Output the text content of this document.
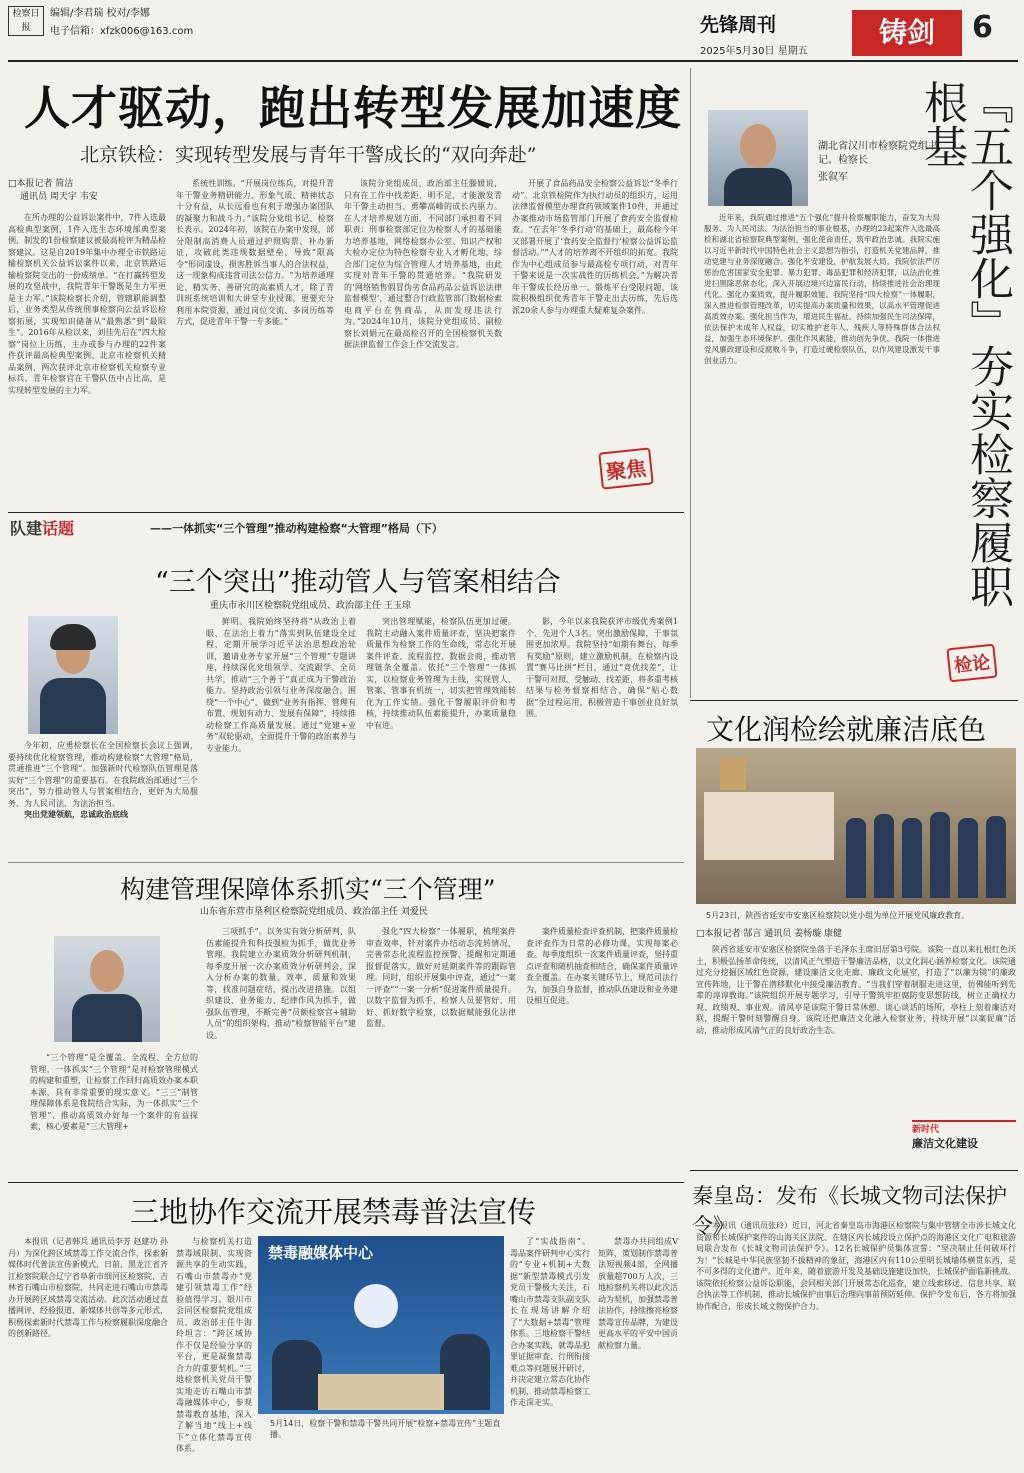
检察日报
编辑/李君瑞 校对/李娜
电子信箱：xfzk006@163.com	先锋周刊
2025年5月30日 星期五
铸剑	6
人才驱动，跑出转型发展加速度
北京铁检：实现转型发展与青年干警成长的“双向奔赴”
□本报记者 简洁
通讯员 周天宇 韦安

在所办理的公益诉讼案件中，7件入选最高检典型案例，1件入选生态环境部典型案例，制发的1份检察建议被最高检评为精品检察建议。这是自2019年集中办理全市铁路运输检察机关公益诉讼案件以来，北京铁路运输检察院交出的一份成绩单。“在打赢转型发展的攻坚战中，我院青年干警既是生力军更是主力军。”该院检察长介绍，管辖职能调整后，业务类型从传统刑事检察向公益诉讼检察拓展，实现知识储备从“最熟悉”到“最陌生”。2016年从检以来，刘佳先后在“四大检察”岗位上历练，主办或参与办理的22件案件获评最高检典型案例、北京市检察机关精品案例，两次获评北京市检察机关检察专业标兵。青年检察官在干警队伍中占比高，是实现转型发展的主力军。

系统性训练。“开展岗位练兵，对提升青年干警业务精研能力、形象气质、精神状态十分有益，从长远看也有利于增强办案团队的凝聚力和战斗力。”该院分党组书记、检察长表示。2024年初，该院在办案中发现，部分限制高消费人员通过护照购票、补办新证，攻破此类违规数据壁垒，导致“限高令”形同虚设，损害胜诉当事人的合法权益，这一现象构成违背司法公信力。“为培养通理论、精实务、善研究的高素质人才，除了青训班系统培训和大讲堂专业授课，更要充分利用本院资源，通过岗位交流、多岗历练等方式，促进青年干警一专多能。”

该院分党组成员、政治部主任滕媛说，只有在工作中找差距、明不足，才能激发青年干警主动担当、勇攀高峰的成长内驱力。在人才培养规划方面，不同部门承担着不同职责：刑事检察部定位为检察人才的基础能力培养基地，网络检察办公室、知识产权和大检办定位为特色检察专业人才孵化地，综合部门定位为综合管理人才培养基地，由此实现对青年干警的贯通培养。“我院研发的‘网络销售假冒伪劣食品药品公益诉讼法律监督模型’，通过整合行政监管部门数据检索电商平台在售商品，从而发现违法行为。”2024年10月，该院分党组成员、副检察长刘娟元在最高检召开的全国检察机关数据法律监督工作会上作交流发言。

开展了食品药品安全检察公益诉讼“冬季行动”。北京铁检院作为执行动员的组织方，运用法律监督模型办理食药领域案件10件，并通过办案推动市场监管部门开展了食药安全监督检查。“在去年‘冬季行动’的基础上，最高检今年又部署开展了‘食药安全监督行’检察公益诉讼监督活动。”“人才的培养离不开组织的拓宽。我院作为中心组成员参与最高检专项行动，对青年干警来说是一次实战性的历练机会。”为解决青年干警成长经历单一、锻炼平台受限问题，该院积极组织优秀青年干警走出去历练，先后选派20余人参与办理重大疑难复杂案件。

聚焦
湖北省汉川市检察院党组书记、检察长
张叙军	『五个强化』夯实检察履职根基

近年来，我院通过推进“五个强化”提升检察履职能力，奋发为大局服务、为人民司法、为法治担当的事业根基，办理的23起案件入选最高检和湖北省检察院典型案例。强化使命责任，筑牢政治忠诚。我院实施以习近平新时代中国特色社会主义思想为指引，打造机关党建品牌，推动党建与业务深度融合。强化平安建设，护航发展大局。我院依法严厉惩治危害国家安全犯罪、暴力犯罪、毒品犯罪和经济犯罪，以法治化推进扫黑除恶常态化，深入开展边境兴边富民行动，持续推进社会治理现代化。强化办案质效，提升履职效能。我院坚持“四大检察”一体履职，深入推进检察管理改革，切实提高办案质量和效果，以高水平管理促进高质效办案。强化担当作为，增进民生福祉。持续加强民生司法保障，依法保护未成年人权益，切实维护老年人、残疾人等特殊群体合法权益，加强生态环境保护。强化作风素能，推动创先争优。我院一体推进党风廉政建设和反腐败斗争，打造过硬检察队伍，以作风建设激发干事创业活力。

检论
队建话题	——一体抓实“三个管理”推动构建检察“大管理”格局（下）
“三个突出”推动管人与管案相结合
重庆市永川区检察院党组成员、政治部主任 王玉琼

今年初，应勇检察长在全国检察长会议上强调，要持续优化检察管理，推动构建检察“大管理”格局，贯通推进“三个管理”。加强新时代检察队伍管理是落实好“三个管理”的重要基石。在我院政治部通过“三个突出”，努力推动管人与管案相结合，更好为大局服务、为人民司法、为法治担当。

突出党建领航，忠诚政治底线

鲜明。我院始终坚持将“从政治上着眼、在法治上着力”落实到队伍建设全过程，定期开展学习近平法治思想政治轮训，邀请业务专家开展“三个管理”专题讲座，持续深化党组领学、交流跟学、全员共学，推动“三个善于”真正成为干警政治能力。坚持政治引领与业务深度融合，围绕“一个中心”，做到“业务有指挥、管理有布置、规划有动力、发展有保障”，持续推动检察工作高质量发展。通过“党建+业务”双轮驱动，全面提升干警的政治素养与专业能力。

突出管理赋能，检察队伍更加过硬。我院主动融入案件质量评查，坚决把案件质量作为检察工作的生命线，常态化开展案件评查、流程监控、数据会商，推动管理链条全覆盖。依托“三个管理”一体抓实，以检察业务管理为主线，实现管人、管案、管事有机统一，切实把管理效能转化为工作实绩。强化干警履职评价和考核，持续推动队伍素能提升，办案质量稳中有进。

影，今年以来我院获评市级优秀案例1个、先进个人3名。突出激励保障，干事氛围更加浓厚。我院坚持“如期有舞台，每季有奖励”原则，建立激励机制，在检察内设置“赛马比拼”栏目，通过“竞优找差”，让干警可对照、受触动、找差距，将多重考核结果与检务督察相结合，确保“贴心数据”全过程运用，积极营造干事创业良好氛围。

构建管理保障体系抓实“三个管理”
山东省东营市垦利区检察院党组成员、政治部主任 刘爱民

“三个管理”是全覆盖、全流程、全方位的管理，一体抓实“三个管理”是对检察管理模式的构建和重塑，让检察工作回归高质效办案本职本源，具有非常重要的现实意义。“三三”制管理保障体系是我院结合实际，为一体抓实“三个管理”、推动高质效办好每一个案件的有益探索，核心要素是“三大管理+

三项抓手”。以务实有效分析研判、队伍素能提升和科技强检为抓手，做优业务管理。我院建立办案质效分析研判机制，每季度开展一次办案质效分析研判会，深入分析办案的数量、效率、质量和效果等，找准问题症结，提出改进措施。以组织建设、业务能力、纪律作风为抓手，做强队伍管理，不断完善“员额检察官+辅助人员”的组织架构，推动“检察智能平台”建设。

强化“四大检察”一体履职，梳理案件审查效率，针对案件办结动态流转情况，完善常态化流程监控预警，提醒和定期通报督促落实，做好对延期案件等的跟踪管理。同时，组织开展集中评查，通过“一案一评查”“一案一分析”促进案件质量提升。以数字监督为抓手，检察人员要管好、用好、抓好数字检察，以数据赋能强化法律监督。

案件质量检查评查机制，把案件质量检查评查作为日常的必修功课，实现每案必查。每季度组织一次案件质量评查，坚持重点评查和随机抽查相结合，确保案件质量评查全覆盖。在办案关键环节上，规范司法行为，加强自身监督，推动队伍建设和业务建设相互促进。

三地协作交流开展禁毒普法宣传

本报讯（记者韩兵 通讯员李芳 赵建功 孙丹）为深化跨区域禁毒工作交流合作，探索新媒体时代普法宣传新模式，日前，黑龙江省齐江检察院联合辽宁省阜新市细河区检察院、吉林省石嘴山市检察院，共同走进石嘴山市禁毒办开展跨区域禁毒交流活动。此次活动通过直播网评、经验报道、新媒体共创等多元形式，积极探索新时代禁毒工作与检察履职深度融合的创新路径。

与检察机关打造禁毒域限制、实现资源共享的生动实践，石嘴山市禁毒办“党建引领禁毒工作”经验值得学习。银川市会同区检察院党组成员、政治部主任牛海玲坦言：“跨区域协作不仅是经验分享的平台，更是凝聚禁毒合力的重要契机。”三地检察机关党员干警实地走访石嘴山市禁毒融媒体中心，参观禁毒教育基地，深入了解当地“线上+线下”立体化禁毒宣传体系。

禁毒融媒体中心
5月14日，检察干警和禁毒干警共同开展“检察+禁毒宣传”主题直播。

了“实战指南”。毒品案件研判中心实行的“专业+机制+大数据”新型禁毒模式引发党员干警极大关注，石嘴山市禁毒支队副支队长在现场讲解介绍了“大数据+禁毒”管理体系。三地检察干警结合办案实践，就毒品犯罪证据审查、行刑衔接难点等问题展开研讨，并决定建立常态化协作机制，推动禁毒检察工作走深走实。

禁毒办共同组成V矩阵，策划制作禁毒普法短视频4部，全网播放量超700万人次，三地检察机关将以此次活动为契机，加强禁毒普法协作，持续擦亮检察禁毒宣传品牌，为建设更高水平的平安中国贡献检察力量。

文化润检绘就廉洁底色
5月23日，陕西省延安市安塞区检察院以党小组为单位开展党风廉政教育。
□本报记者 郜言 通讯员 姜杨璇 康健

陕西省延安市安塞区检察院坐落于毛泽东主席旧居第3号院。该院一直以来扎根红色沃土，积极弘扬革命传统，以清风正气塑造干警廉洁品格，以文化润心涵养检察文化。该院通过充分挖掘区域红色资源，建设廉洁文化走廊、廉政文化展室，打造了“以廉为镜”的廉政宣传阵地，让干警在潜移默化中接受廉洁教育。“当我们穿着制服走进这里，仿佛能听到先辈的谆谆教诲。”该院组织开展专题学习，引导干警筑牢拒腐防变思想防线，树立正确权力观、政绩观、事业观。清风亭是该院干警日常休憩、谈心谈话的场所，亭柱上刻着廉洁对联，提醒干警时刻警醒自身。该院还把廉洁文化融入检察业务，持续开展“以案促廉”活动，推动形成风清气正的良好政治生态。

新时代
廉洁文化建设
秦皇岛：发布《长城文物司法保护令》

本报讯（通讯员张玲）近日，河北省秦皇岛市海港区检察院与集中管辖全市涉长城文化资源和长城保护案件的山海关区法院、在辖区内长城段设立保护点的海港区文化广电和旅游局联合发布《长城文物司法保护令》。12名长城保护员集体宣誓：“坚决制止任何破坏行为！”长城是中华民族坚韧不拔精神的象征，海港区内有110公里明长城墙体横贯东西，是不可多得的文化遗产。近年来，随着旅游开发及基础设施建设加快，长城保护面临新挑战。该院依托检察公益诉讼职能，会同相关部门开展常态化巡查，建立线索移送、信息共享、联合执法等工作机制，推动长城保护由事后治理向事前预防延伸。保护令发布后，各方将加强协作配合，形成长城文物保护合力。
